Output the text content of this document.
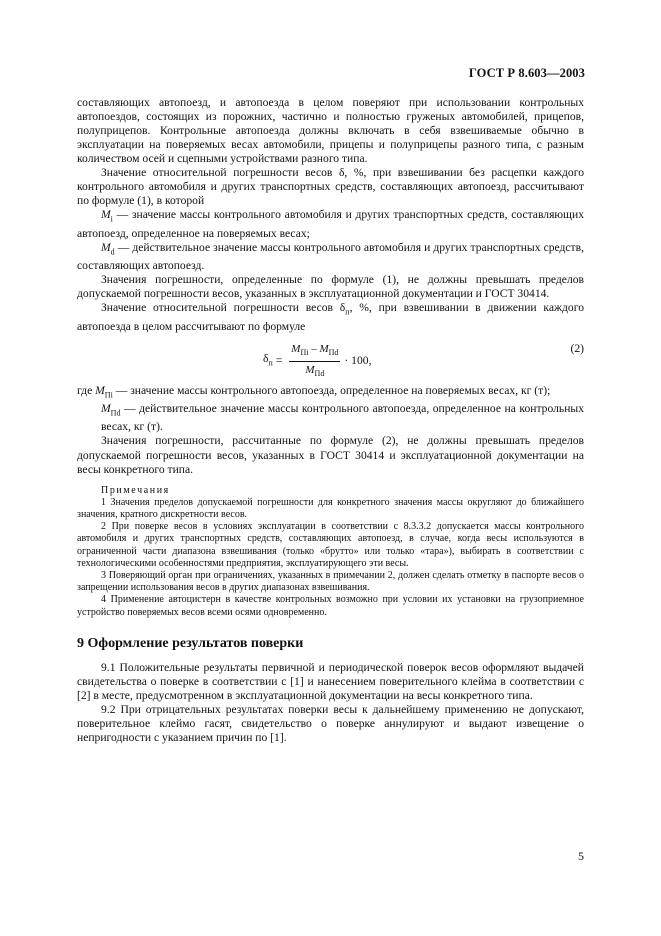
ГОСТ Р 8.603—2003

составляющих автопоезд, и автопоезда в целом поверяют при использовании контрольных автопоездов, состоящих из порожних, частично и полностью груженых автомобилей, прицепов, полуприцепов. Контрольные автопоезда должны включать в себя взвешиваемые обычно в эксплуатации на поверяемых весах автомобили, прицепы и полуприцепы разного типа, с разным количеством осей и сцепными устройствами разного типа.

Значение относительной погрешности весов δ, %, при взвешивании без расцепки каждого контрольного автомобиля и других транспортных средств, составляющих автопоезд, рассчитывают по формуле (1), в которой

$M_i$ — значение массы контрольного автомобиля и других транспортных средств, составляющих автопоезд, определенное на поверяемых весах;

$M_d$ — действительное значение массы контрольного автомобиля и других транспортных средств, составляющих автопоезд.

Значения погрешности, определенные по формуле (1), не должны превышать пределов допускаемой погрешности весов, указанных в эксплуатационной документации и ГОСТ 30414.

Значение относительной погрешности весов $\delta_п$, %, при взвешивании в движении каждого автопоезда в целом рассчитывают по формуле

$\delta_п = \frac{M_{Пi} - M_{Пd}}{M_{Пd}} \cdot 100$,
(2)

где $M_{Пi}$ — значение массы контрольного автопоезда, определенное на поверяемых весах, кг (т);

$M_{Пd}$ — действительное значение массы контрольного автопоезда, определенное на контрольных весах, кг (т).

Значения погрешности, рассчитанные по формуле (2), не должны превышать пределов допускаемой погрешности весов, указанных в ГОСТ 30414 и эксплуатационной документации на весы конкретного типа.

Примечания

1 Значения пределов допускаемой погрешности для конкретного значения массы округляют до ближайшего значения, кратного дискретности весов.

2 При поверке весов в условиях эксплуатации в соответствии с 8.3.3.2 допускается массы контрольного автомобиля и других транспортных средств, составляющих автопоезд, в случае, когда весы используются в ограниченной части диапазона взвешивания (только «брутто» или только «тара»), выбирать в соответствии с технологическими особенностями предприятия, эксплуатирующего эти весы.

3 Поверяющий орган при ограничениях, указанных в примечании 2, должен сделать отметку в паспорте весов о запрещении использования весов в других диапазонах взвешивания.

4 Применение автоцистерн в качестве контрольных возможно при условии их установки на грузоприемное устройство поверяемых весов всеми осями одновременно.

9 Оформление результатов поверки

9.1 Положительные результаты первичной и периодической поверок весов оформляют выдачей свидетельства о поверке в соответствии с [1] и нанесением поверительного клейма в соответствии с [2] в месте, предусмотренном в эксплуатационной документации на весы конкретного типа.

9.2 При отрицательных результатах поверки весы к дальнейшему применению не допускают, поверительное клеймо гасят, свидетельство о поверке аннулируют и выдают извещение о непригодности с указанием причин по [1].

5
